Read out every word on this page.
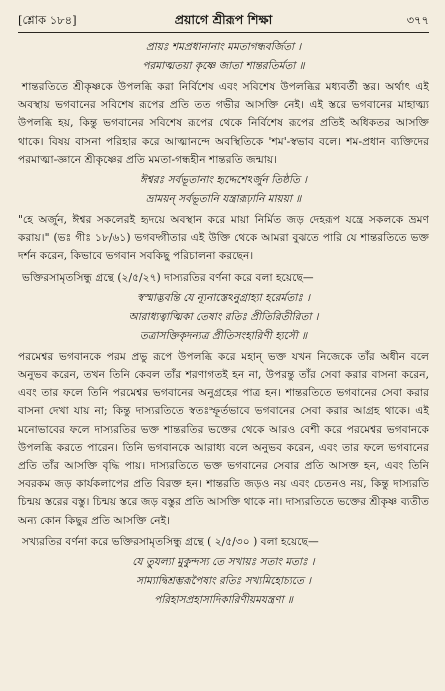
[শ্লোক ১৮৪]	প্রয়াগে শ্রীরূপ শিক্ষা	৩৭৭
প্রায়ঃ শমপ্রধানানাং মমতাগন্ধবর্জিতা ।
পরমাত্মতয়া কৃষ্ণে জাতা শান্তরতির্মতা ॥

শান্তরতিতে শ্রীকৃষ্ণকে উপলব্ধি করা নির্বিশেষ এবং সবিশেষ উপলব্ধির মধ্যবর্তী স্তর। অর্থাৎ এই অবস্থায় ভগবানের সবিশেষ রূপের প্রতি তত গভীর আসক্তি নেই। এই স্তরে ভগবানের মাহাত্ম্য উপলব্ধি হয়, কিন্তু ভগবানের সবিশেষ রূপের থেকে নির্বিশেষ রূপের প্রতিই অধিকতর আসক্তি থাকে। বিষয় বাসনা পরিহার করে আত্মানন্দে অবস্থিতিকে 'শম'-স্বভাব বলে। শম-প্রধান ব্যক্তিদের পরমাত্মা-জ্ঞানে শ্রীকৃষ্ণের প্রতি মমতা-গন্ধহীন শান্তরতি জন্মায়।

ঈশ্বরঃ সর্বভূতানাং হৃদ্দেশেঽর্জুন তিষ্ঠতি ।
ভ্রাময়ন্ সর্বভূতানি যন্ত্রারূঢ়ানি মায়য়া ॥

"হে অর্জুন, ঈশ্বর সকলেরই হৃদয়ে অবস্থান করে মায়া নির্মিত জড় দেহরূপ যন্ত্রে সকলকে ভ্রমণ করায়।" (ভঃ গীঃ ১৮/৬১) ভগবদ্গীতার এই উক্তি থেকে আমরা বুঝতে পারি যে শান্তরতিতে ভক্ত দর্শন করেন, কিভাবে ভগবান সবকিছু পরিচালনা করছেন।

ভক্তিরসামৃতসিন্ধু গ্রন্থে (২/৫/২৭) দাস্যরতির বর্ণনা করে বলা হয়েছে—

স্বস্মাদ্ভবন্তি যে ন্যূনাস্তেঽনুগ্রাহ্যা হরের্মতাঃ ।
আরাধ্যত্বাত্মিকা তেষাং রতিঃ প্রীতিরিতীরিতা ।
তত্রাসক্তিকৃদন্যত্র প্রীতিসংহারিণী হ্যসৌ ॥

পরমেশ্বর ভগবানকে পরম প্রভু রূপে উপলব্ধি করে মহান্ ভক্ত যখন নিজেকে তাঁর অধীন বলে অনুভব করেন, তখন তিনি কেবল তাঁর শরণাগতই হন না, উপরন্তু তাঁর সেবা করার বাসনা করেন, এবং তার ফলে তিনি পরমেশ্বর ভগবানের অনুগ্রহের পাত্র হন। শান্তরতিতে ভগবানের সেবা করার বাসনা দেখা যায় না; কিন্তু দাস্যরতিতে স্বতঃস্ফূর্তভাবে ভগবানের সেবা করার আগ্রহ থাকে। এই মনোভাবের ফলে দাস্যরতির ভক্ত শান্তরতির ভক্তের থেকে আরও বেশী করে পরমেশ্বর ভগবানকে উপলব্ধি করতে পারেন। তিনি ভগবানকে আরাধ্য বলে অনুভব করেন, এবং তার ফলে ভগবানের প্রতি তাঁর আসক্তি বৃদ্ধি পায়। দাস্যরতিতে ভক্ত ভগবানের সেবার প্রতি আসক্ত হন, এবং তিনি সবরকম জড় কার্যকলাপের প্রতি বিরক্ত হন। শান্তরতি জড়ও নয় এবং চেতনও নয়, কিন্তু দাস্যরতি চিন্ময় স্তরের বস্তু। চিন্ময় স্তরে জড় বস্তুর প্রতি আসক্তি থাকে না। দাস্যরতিতে ভক্তের শ্রীকৃষ্ণ ব্যতীত অন্য কোন কিছুর প্রতি আসক্তি নেই।

সখ্যরতির বর্ণনা করে ভক্তিরসামৃতসিন্ধু গ্রন্থে ( ২/৫/৩০ ) বলা হয়েছে—

যে তু্যল্যা মুকুন্দস্য তে সখায়ঃ সতাং মতাঃ ।
সাম্যাদ্বিশ্রম্ভরূপৈষাং রতিঃ সখ্যমিহোচ্যতে ।
পরিহাসপ্রহাসাদিকারিণীয়মযন্ত্রণা ॥
